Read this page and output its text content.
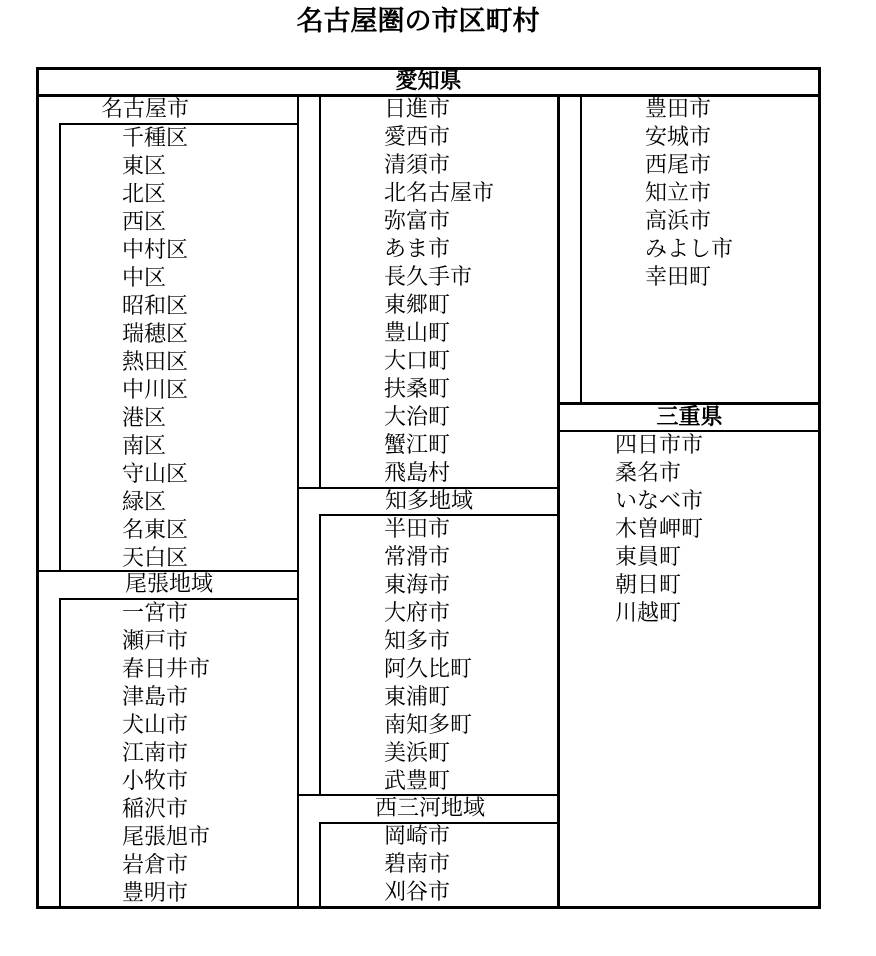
名古屋圏の市区町村
愛知県
名古屋市
尾張地域
知多地域
西三河地域
三重県
千種区
東区
北区
西区
中村区
中区
昭和区
瑞穂区
熱田区
中川区
港区
南区
守山区
緑区
名東区
天白区
一宮市
瀬戸市
春日井市
津島市
犬山市
江南市
小牧市
稲沢市
尾張旭市
岩倉市
豊明市
日進市
愛西市
清須市
北名古屋市
弥富市
あま市
長久手市
東郷町
豊山町
大口町
扶桑町
大治町
蟹江町
飛島村
半田市
常滑市
東海市
大府市
知多市
阿久比町
東浦町
南知多町
美浜町
武豊町
岡崎市
碧南市
刈谷市
豊田市
安城市
西尾市
知立市
高浜市
みよし市
幸田町
四日市市
桑名市
いなべ市
木曽岬町
東員町
朝日町
川越町
